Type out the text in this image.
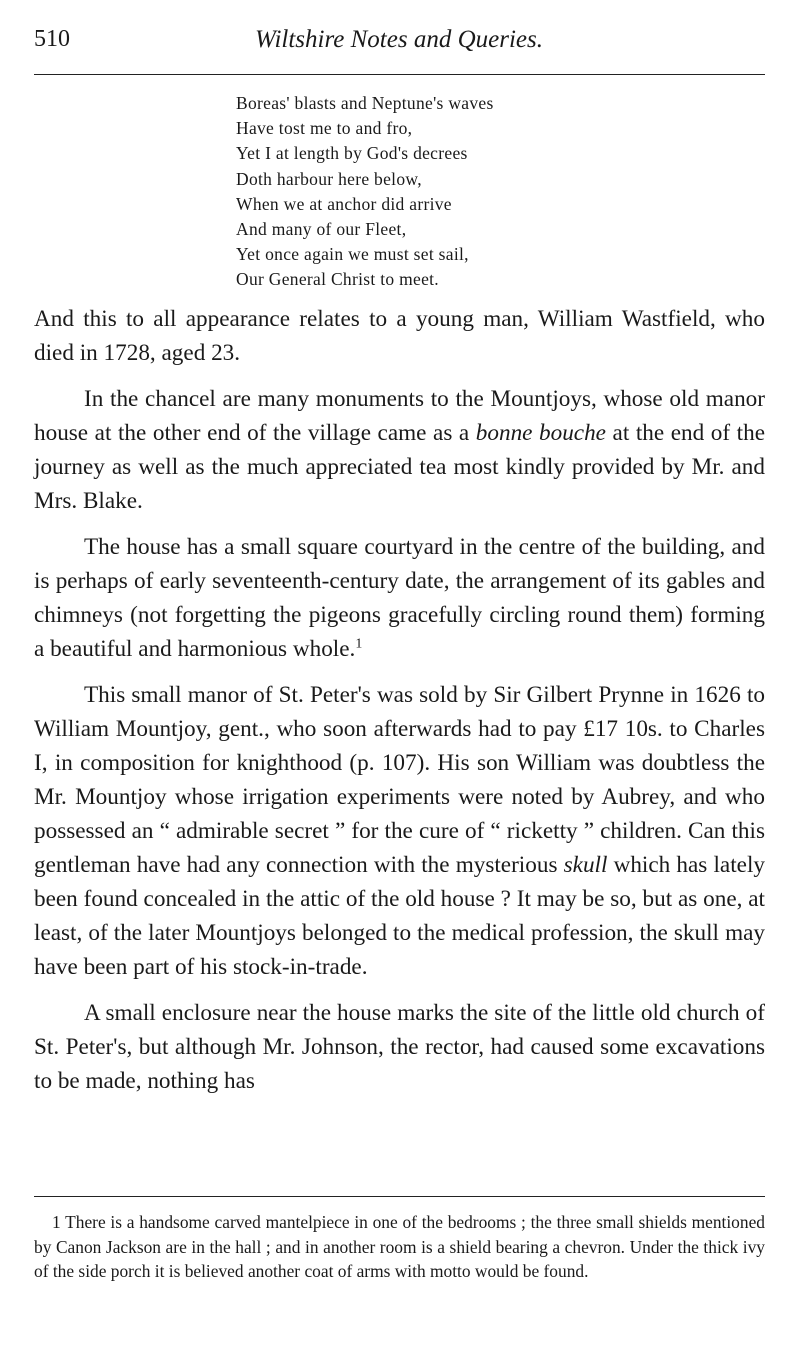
510	Wiltshire Notes and Queries.
Boreas' blasts and Neptune's waves
Have tost me to and fro,
Yet I at length by God's decrees
Doth harbour here below,
When we at anchor did arrive
And many of our Fleet,
Yet once again we must set sail,
Our General Christ to meet.

And this to all appearance relates to a young man, William Wastfield, who died in 1728, aged 23.

In the chancel are many monuments to the Mountjoys, whose old manor house at the other end of the village came as a bonne bouche at the end of the journey as well as the much appreciated tea most kindly provided by Mr. and Mrs. Blake.

The house has a small square courtyard in the centre of the building, and is perhaps of early seventeenth-century date, the arrangement of its gables and chimneys (not forgetting the pigeons gracefully circling round them) forming a beautiful and harmonious whole.$^1$

This small manor of St. Peter's was sold by Sir Gilbert Prynne in 1626 to William Mountjoy, gent., who soon afterwards had to pay £17 10s. to Charles I, in composition for knighthood (p. 107). His son William was doubtless the Mr. Mountjoy whose irrigation experiments were noted by Aubrey, and who possessed an “ admirable secret ” for the cure of “ ricketty ” children. Can this gentleman have had any connection with the mysterious skull which has lately been found concealed in the attic of the old house ? It may be so, but as one, at least, of the later Mountjoys belonged to the medical profession, the skull may have been part of his stock-in-trade.

A small enclosure near the house marks the site of the little old church of St. Peter's, but although Mr. Johnson, the rector, had caused some excavations to be made, nothing has

1 There is a handsome carved mantelpiece in one of the bedrooms ; the three small shields mentioned by Canon Jackson are in the hall ; and in another room is a shield bearing a chevron. Under the thick ivy of the side porch it is believed another coat of arms with motto would be found.
